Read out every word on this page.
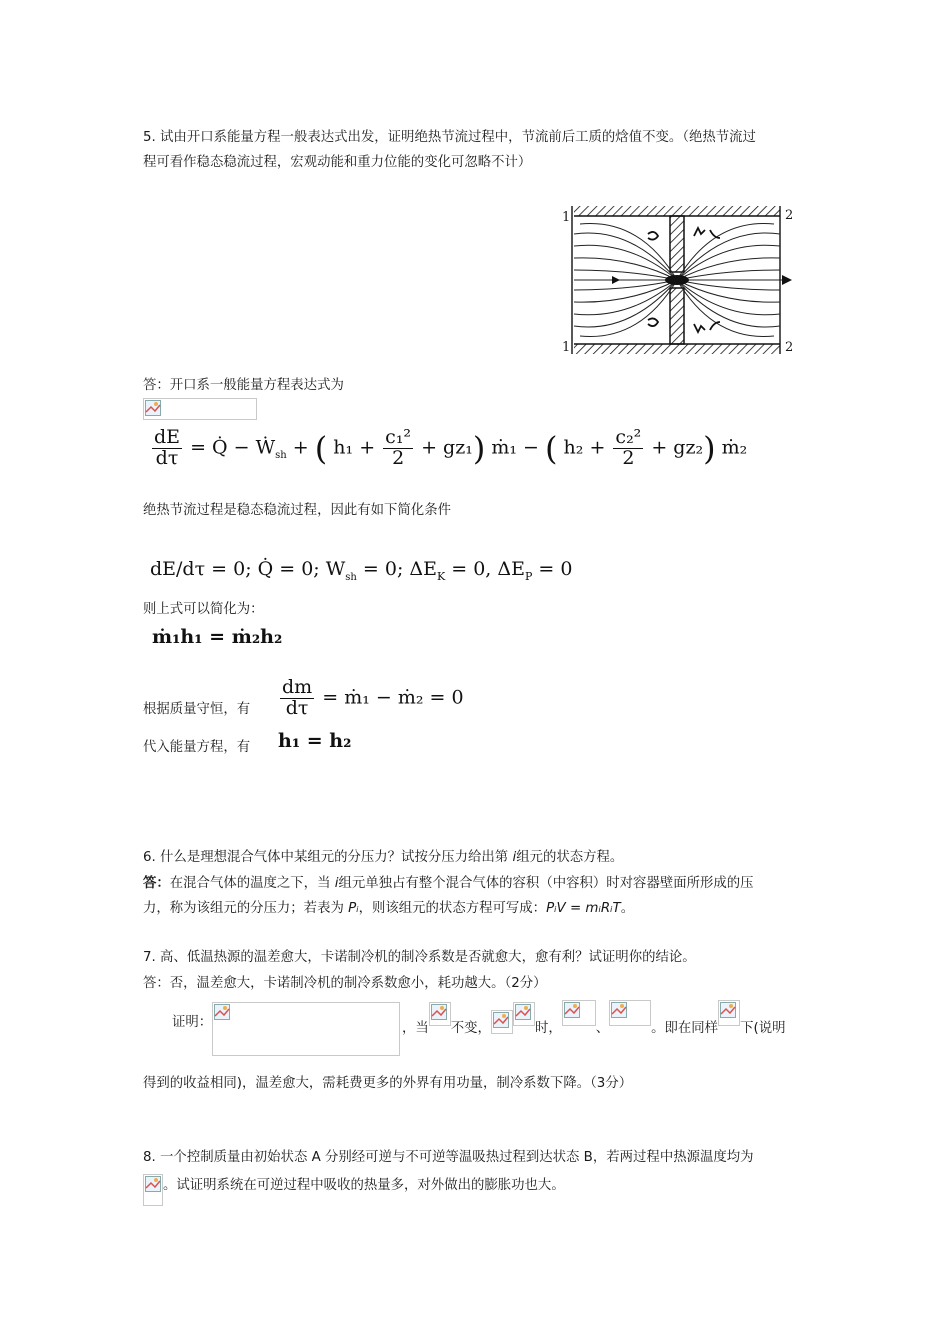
5. 试由开口系能量方程一般表达式出发，证明绝热节流过程中，节流前后工质的焓值不变。（绝热节流过
程可看作稳态稳流过程，宏观动能和重力位能的变化可忽略不计）
1
1
2
2
答：开口系一般能量方程表达式为
$\frac{dE}{d\tau}$ = Q̇ − Ẇ$_{sh}$ + ( $h_1 + \frac{\text{c₁²}}{2} + gz_1$) ṁ₁ − ( $h_2 + \frac{\text{c₂²}}{2} + gz_2$) ṁ₂
绝热节流过程是稳态稳流过程，因此有如下简化条件
dE/dτ = 0; Q̇ = 0; $W_{sh} = 0$; $\Delta E_K = 0$, $\Delta E_P = 0$
则上式可以简化为：
ṁ₁h₁ = ṁ₂h₂
$\frac{dm}{d\tau}$ = ṁ₁ − ṁ₂ = 0
根据质量守恒，有
h₁ = h₂
代入能量方程，有
6. 什么是理想混合气体中某组元的分压力？试按分压力给出第 i组元的状态方程。
答：在混合气体的温度之下，当 i组元单独占有整个混合气体的容积（中容积）时对容器壁面所形成的压
力，称为该组元的分压力；若表为 Pᵢ，则该组元的状态方程可写成：PᵢV = mᵢRᵢT。
7. 高、低温热源的温差愈大，卡诺制冷机的制冷系数是否就愈大，愈有利？试证明你的结论。
答：否，温差愈大，卡诺制冷机的制冷系数愈小，耗功越大。（2分）
证明：	，当 不变，	时，	、	。即在同样 下(说明
得到的收益相同)，温差愈大，需耗费更多的外界有用功量，制冷系数下降。（3分）
8. 一个控制质量由初始状态 A 分别经可逆与不可逆等温吸热过程到达状态 B，若两过程中热源温度均为
。试证明系统在可逆过程中吸收的热量多，对外做出的膨胀功也大。
